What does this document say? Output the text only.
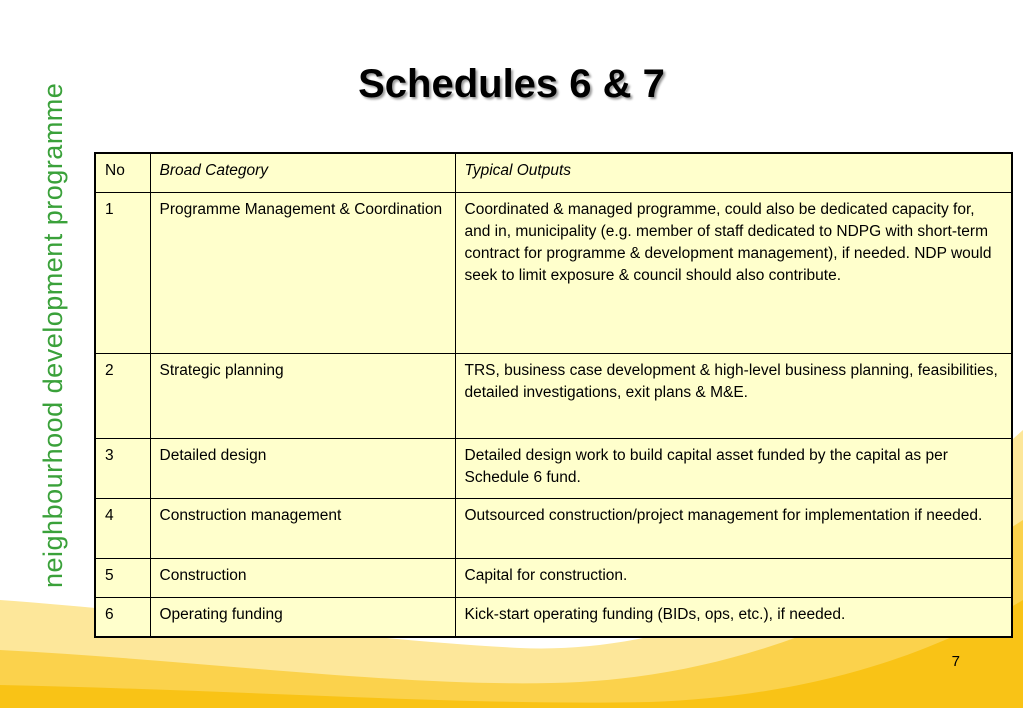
neighbourhood development programme	Schedules 6 & 7
No	Broad Category	Typical Outputs
1	Programme Management & Coordination	Coordinated & managed programme, could also be dedicated capacity for, and in, municipality (e.g. member of staff dedicated to NDPG with short-term contract for programme & development management), if needed. NDP would seek to limit exposure & council should also contribute.
2	Strategic planning	TRS, business case development & high-level business planning, feasibilities, detailed investigations, exit plans & M&E.
3	Detailed design	Detailed design work to build capital asset funded by the capital as per Schedule 6 fund.
4	Construction management	Outsourced construction/project management for implementation if needed.
5	Construction	Capital for construction.
6	Operating funding	Kick-start operating funding (BIDs, ops, etc.), if needed.
7
